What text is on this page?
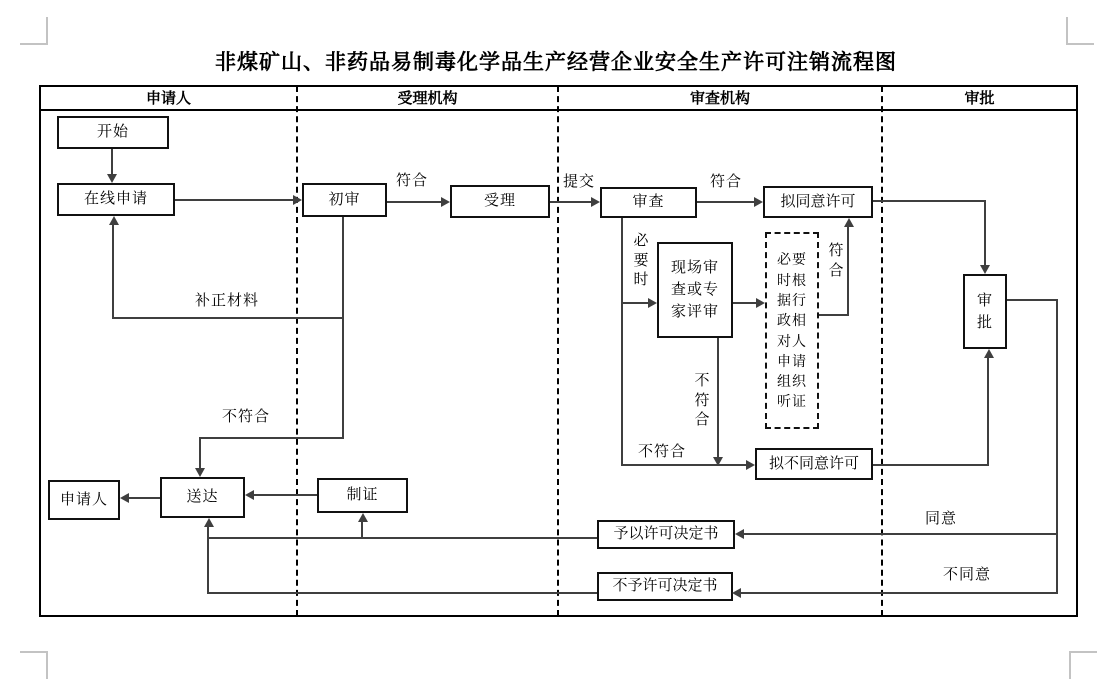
非煤矿山、非药品易制毒化学品生产经营企业安全生产许可注销流程图
申请人	受理机构	审查机构	审批
开始
在线申请	初审	受理	审查	拟同意许可
现场审查或专家评审
必要时根据行政相对人申请组织听证
拟不同意许可
审批
予以许可决定书
不予许可决定书
制证
送达
申请人
符合	提交	符合
必要时
符合
不符合
不符合
补正材料
不符合
同意
不同意
